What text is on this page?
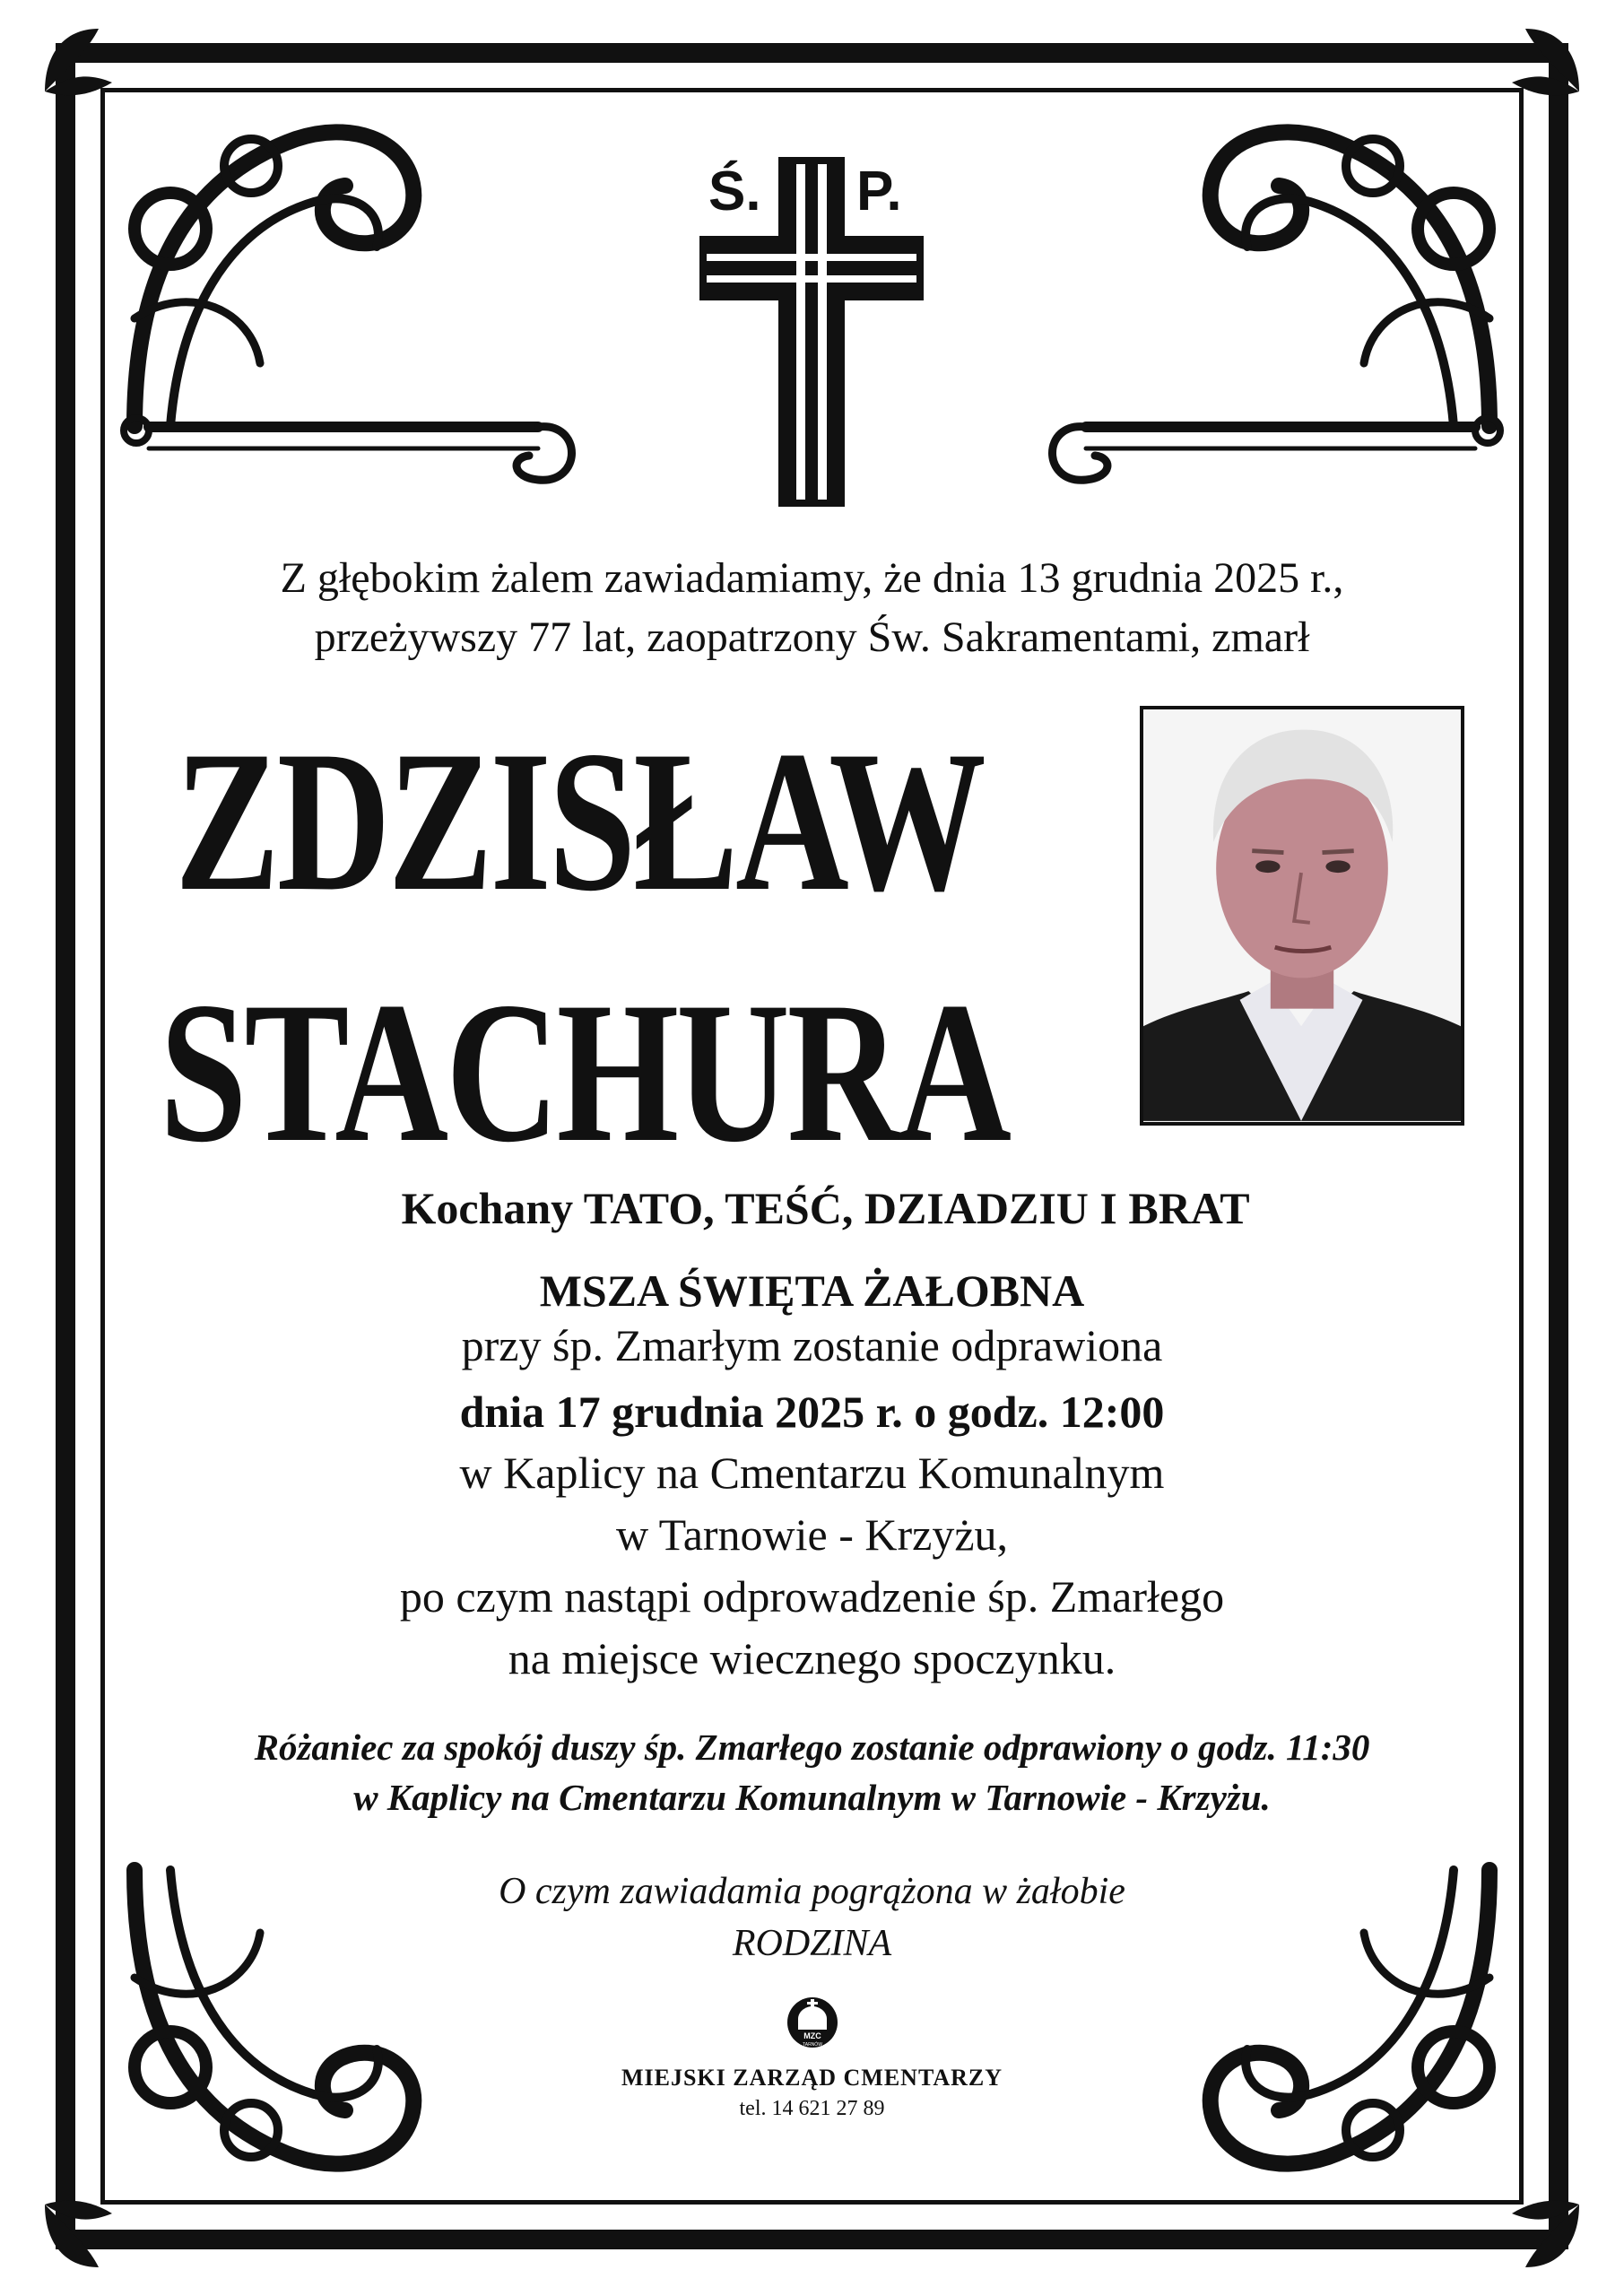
Ś. P.
Z głębokim żalem zawiadamiamy, że dnia 13 grudnia 2025 r.,
przeżywszy 77 lat, zaopatrzony Św. Sakramentami, zmarł
ZDZISŁAW
STACHURA
Kochany TATO, TEŚĆ, DZIADZIU I BRAT
MSZA ŚWIĘTA ŻAŁOBNA
przy śp. Zmarłym zostanie odprawiona
dnia 17 grudnia 2025 r. o godz. 12:00
w Kaplicy na Cmentarzu Komunalnym
w Tarnowie - Krzyżu,
po czym nastąpi odprowadzenie śp. Zmarłego
na miejsce wiecznego spoczynku.
Różaniec za spokój duszy śp. Zmarłego zostanie odprawiony o godz. 11:30
w Kaplicy na Cmentarzu Komunalnym w Tarnowie - Krzyżu.
O czym zawiadamia pogrążona w żałobie
RODZINA
MZC
TARNÓW
MIEJSKI ZARZĄD CMENTARZY
tel. 14 621 27 89
